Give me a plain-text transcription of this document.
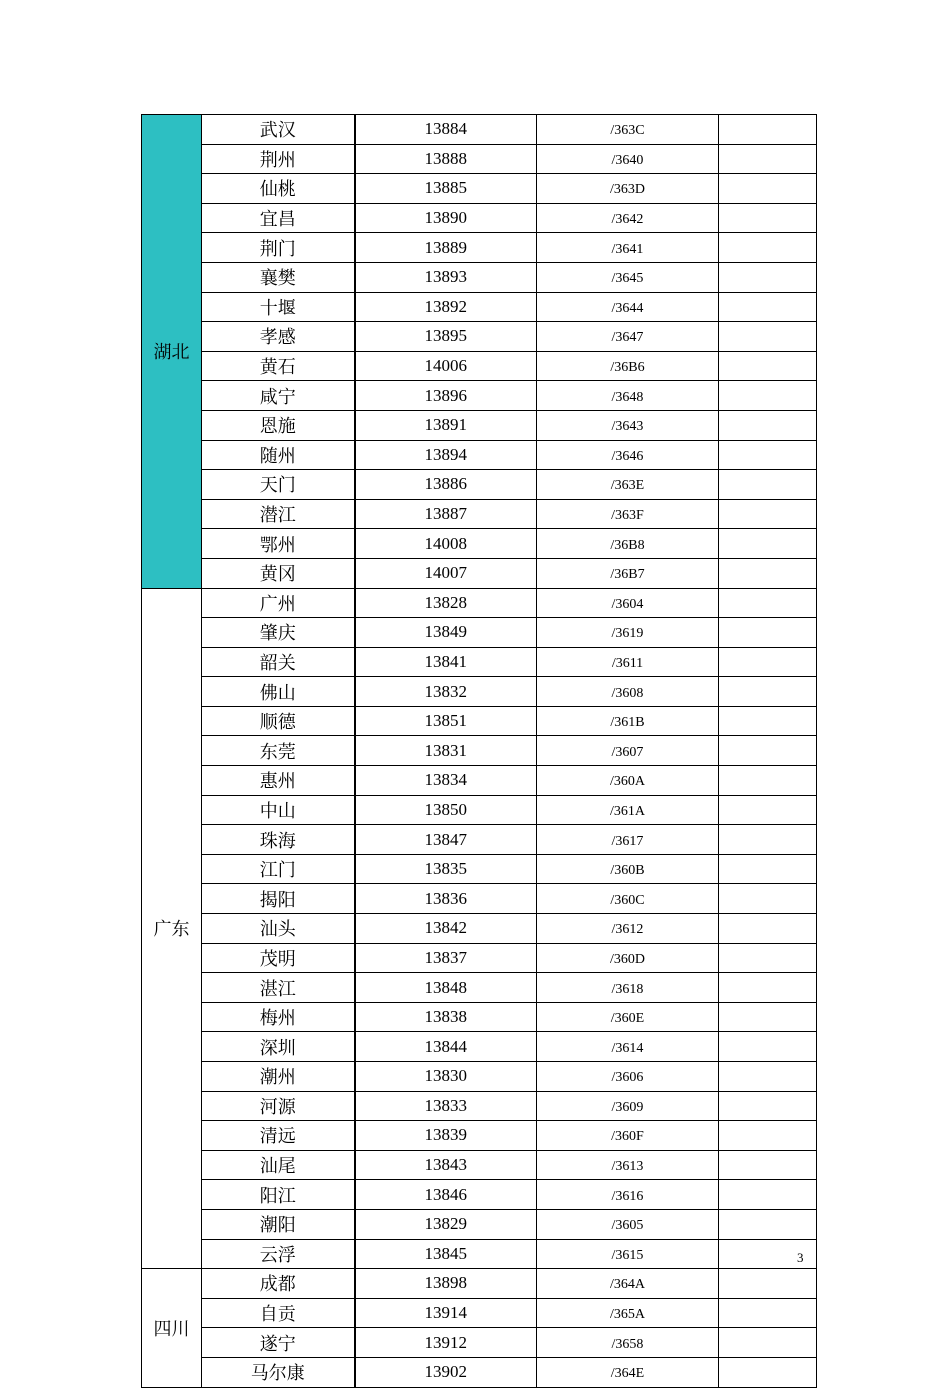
湖北	武汉	13884	/363C	
	荆州	13888	/3640	
	仙桃	13885	/363D	
	宜昌	13890	/3642	
	荆门	13889	/3641	
	襄樊	13893	/3645	
	十堰	13892	/3644	
	孝感	13895	/3647	
	黄石	14006	/36B6	
	咸宁	13896	/3648	
	恩施	13891	/3643	
	随州	13894	/3646	
	天门	13886	/363E	
	潜江	13887	/363F	
	鄂州	14008	/36B8	
	黄冈	14007	/36B7	
广东	广州	13828	/3604	
	肇庆	13849	/3619	
	韶关	13841	/3611	
	佛山	13832	/3608	
	顺德	13851	/361B	
	东莞	13831	/3607	
	惠州	13834	/360A	
	中山	13850	/361A	
	珠海	13847	/3617	
	江门	13835	/360B	
	揭阳	13836	/360C	
	汕头	13842	/3612	
	茂明	13837	/360D	
	湛江	13848	/3618	
	梅州	13838	/360E	
	深圳	13844	/3614	
	潮州	13830	/3606	
	河源	13833	/3609	
	清远	13839	/360F	
	汕尾	13843	/3613	
	阳江	13846	/3616	
	潮阳	13829	/3605	
	云浮	13845	/3615	
四川	成都	13898	/364A	
	自贡	13914	/365A	
	遂宁	13912	/3658	
	马尔康	13902	/364E	
3
